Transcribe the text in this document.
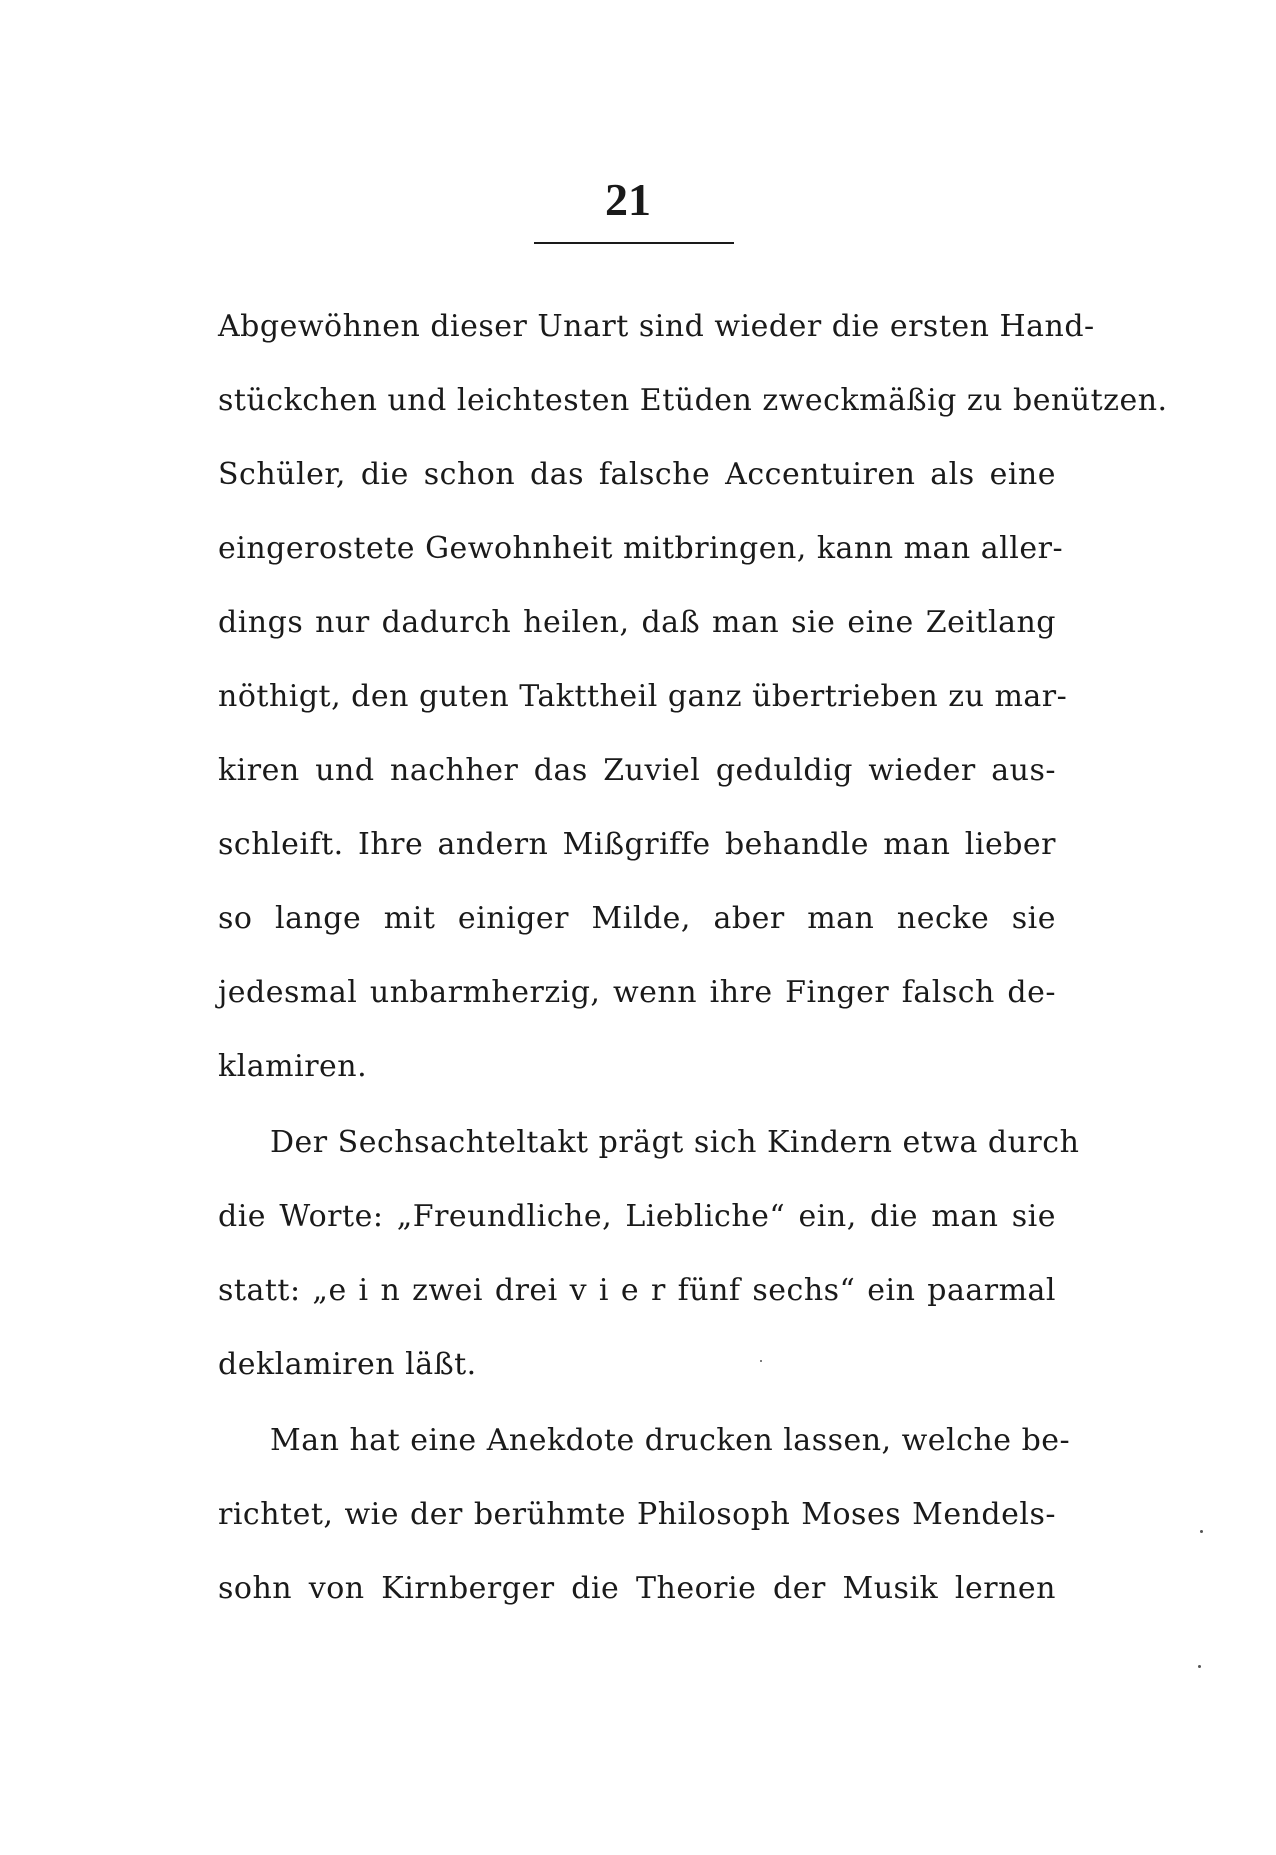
21
Abgewöhnen dieser Unart sind wieder die ersten Hand-
stückchen und leichtesten Etüden zweckmäßig zu benützen.
Schüler, die schon das falsche Accentuiren als eine
eingerostete Gewohnheit mitbringen, kann man aller-
dings nur dadurch heilen, daß man sie eine Zeitlang
nöthigt, den guten Takttheil ganz übertrieben zu mar-
kiren und nachher das Zuviel geduldig wieder aus-
schleift. Ihre andern Mißgriffe behandle man lieber
so lange mit einiger Milde, aber man necke sie
jedesmal unbarmherzig, wenn ihre Finger falsch de-
klamiren.
Der Sechsachteltakt prägt sich Kindern etwa durch
die Worte: „Freundliche, Liebliche“ ein, die man sie
statt: „e i n zwei drei v i e r fünf sechs“ ein paarmal
deklamiren läßt.
Man hat eine Anekdote drucken lassen, welche be-
richtet, wie der berühmte Philosoph Moses Mendels-
sohn von Kirnberger die Theorie der Musik lernen
